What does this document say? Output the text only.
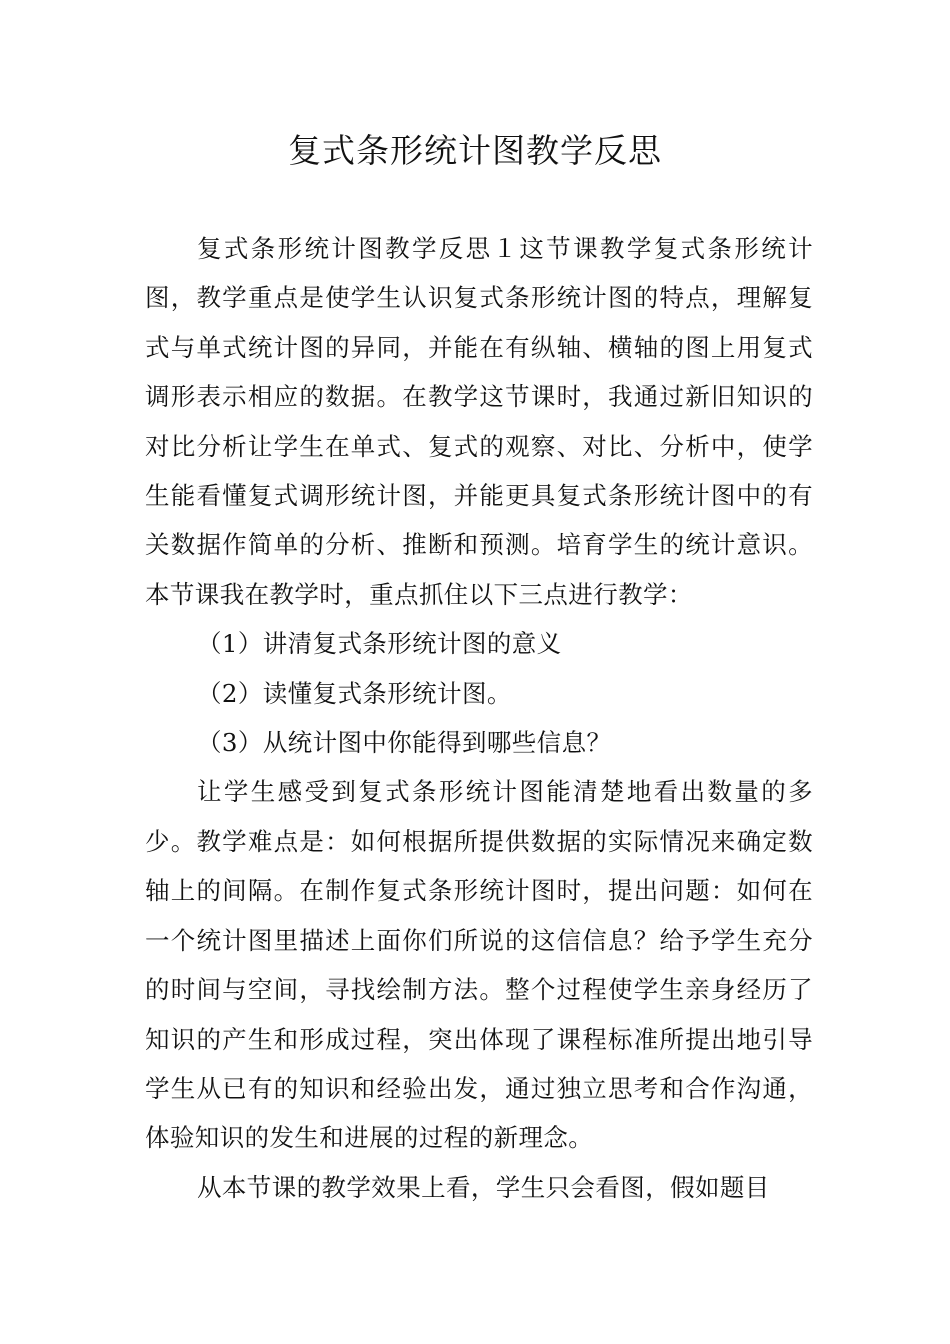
复式条形统计图教学反思

复式条形统计图教学反思１这节课教学复式条形统计图，教学重点是使学生认识复式条形统计图的特点，理解复式与单式统计图的异同，并能在有纵轴、横轴的图上用复式调形表示相应的数据。在教学这节课时，我通过新旧知识的对比分析让学生在单式、复式的观察、对比、分析中，使学生能看懂复式调形统计图，并能更具复式条形统计图中的有关数据作简单的分析、推断和预测。培育学生的统计意识。本节课我在教学时，重点抓住以下三点进行教学：

（1）讲清复式条形统计图的意义

（2）读懂复式条形统计图。

（3）从统计图中你能得到哪些信息？

让学生感受到复式条形统计图能清楚地看出数量的多少。教学难点是：如何根据所提供数据的实际情况来确定数轴上的间隔。在制作复式条形统计图时，提出问题：如何在一个统计图里描述上面你们所说的这信信息？给予学生充分的时间与空间，寻找绘制方法。整个过程使学生亲身经历了知识的产生和形成过程，突出体现了课程标准所提出地引导学生从已有的知识和经验出发，通过独立思考和合作沟通，体验知识的发生和进展的过程的新理念。

从本节课的教学效果上看，学生只会看图，假如题目
